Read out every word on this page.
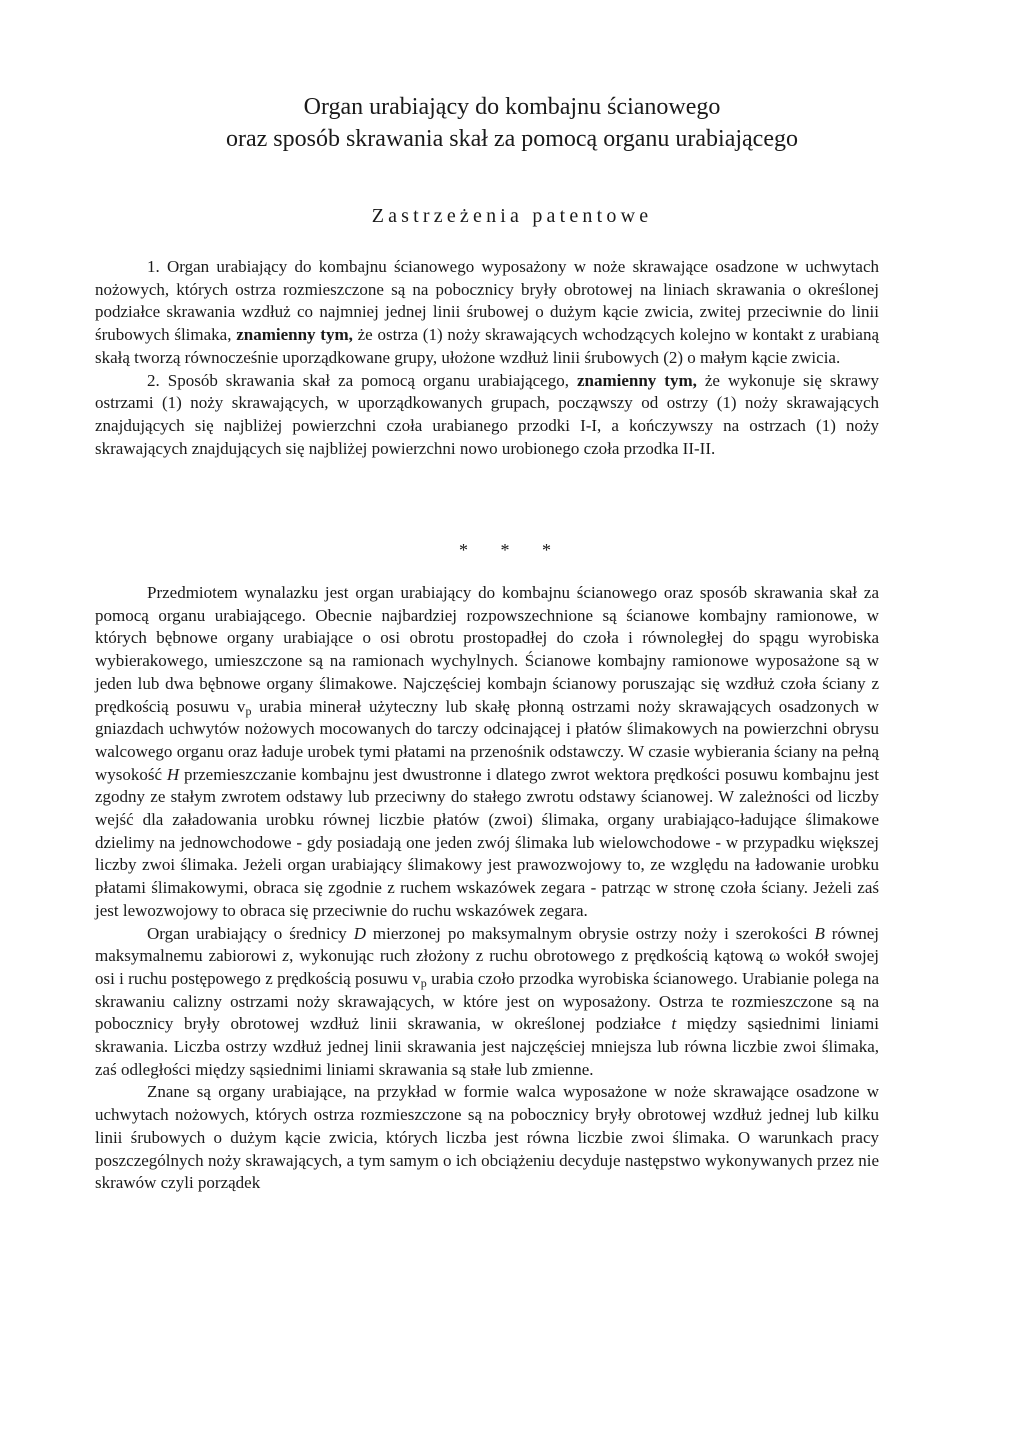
Organ urabiający do kombajnu ścianowego
oraz sposób skrawania skał za pomocą organu urabiającego
Zastrzeżenia patentowe

1. Organ urabiający do kombajnu ścianowego wyposażony w noże skrawające osadzone w uchwytach nożowych, których ostrza rozmieszczone są na pobocznicy bryły obrotowej na liniach skrawania o określonej podziałce skrawania wzdłuż co najmniej jednej linii śrubowej o dużym kącie zwicia, zwitej przeciwnie do linii śrubowych ślimaka, znamienny tym, że ostrza (1) noży skrawających wchodzących kolejno w kontakt z urabianą skałą tworzą równocześnie uporządkowane grupy, ułożone wzdłuż linii śrubowych (2) o małym kącie zwicia.

2. Sposób skrawania skał za pomocą organu urabiającego, znamienny tym, że wykonuje się skrawy ostrzami (1) noży skrawających, w uporządkowanych grupach, począwszy od ostrzy (1) noży skrawających znajdujących się najbliżej powierzchni czoła urabianego przodki I-I, a kończywszy na ostrzach (1) noży skrawających znajdujących się najbliżej powierzchni nowo urobionego czoła przodka II-II.

* * *

Przedmiotem wynalazku jest organ urabiający do kombajnu ścianowego oraz sposób skrawania skał za pomocą organu urabiającego. Obecnie najbardziej rozpowszechnione są ścianowe kombajny ramionowe, w których bębnowe organy urabiające o osi obrotu prostopadłej do czoła i równoległej do spągu wyrobiska wybierakowego, umieszczone są na ramionach wychylnych. Ścianowe kombajny ramionowe wyposażone są w jeden lub dwa bębnowe organy ślimakowe. Najczęściej kombajn ścianowy poruszając się wzdłuż czoła ściany z prędkością posuwu $v_p$ urabia minerał użyteczny lub skałę płonną ostrzami noży skrawających osadzonych w gniazdach uchwytów nożowych mocowanych do tarczy odcinającej i płatów ślimakowych na powierzchni obrysu walcowego organu oraz ładuje urobek tymi płatami na przenośnik odstawczy. W czasie wybierania ściany na pełną wysokość H przemieszczanie kombajnu jest dwustronne i dlatego zwrot wektora prędkości posuwu kombajnu jest zgodny ze stałym zwrotem odstawy lub przeciwny do stałego zwrotu odstawy ścianowej. W zależności od liczby wejść dla załadowania urobku równej liczbie płatów (zwoi) ślimaka, organy urabiająco-ładujące ślimakowe dzielimy na jednowchodowe - gdy posiadają one jeden zwój ślimaka lub wielowchodowe - w przypadku większej liczby zwoi ślimaka. Jeżeli organ urabiający ślimakowy jest prawozwojowy to, ze względu na ładowanie urobku płatami ślimakowymi, obraca się zgodnie z ruchem wskazówek zegara - patrząc w stronę czoła ściany. Jeżeli zaś jest lewozwojowy to obraca się przeciwnie do ruchu wskazówek zegara.

Organ urabiający o średnicy D mierzonej po maksymalnym obrysie ostrzy noży i szerokości B równej maksymalnemu zabiorowi z, wykonując ruch złożony z ruchu obrotowego z prędkością kątową ω wokół swojej osi i ruchu postępowego z prędkością posuwu $v_p$ urabia czoło przodka wyrobiska ścianowego. Urabianie polega na skrawaniu calizny ostrzami noży skrawających, w które jest on wyposażony. Ostrza te rozmieszczone są na pobocznicy bryły obrotowej wzdłuż linii skrawania, w określonej podziałce t między sąsiednimi liniami skrawania. Liczba ostrzy wzdłuż jednej linii skrawania jest najczęściej mniejsza lub równa liczbie zwoi ślimaka, zaś odległości między sąsiednimi liniami skrawania są stałe lub zmienne.

Znane są organy urabiające, na przykład w formie walca wyposażone w noże skrawające osadzone w uchwytach nożowych, których ostrza rozmieszczone są na pobocznicy bryły obrotowej wzdłuż jednej lub kilku linii śrubowych o dużym kącie zwicia, których liczba jest równa liczbie zwoi ślimaka. O warunkach pracy poszczególnych noży skrawających, a tym samym o ich obciążeniu decyduje następstwo wykonywanych przez nie skrawów czyli porządek
